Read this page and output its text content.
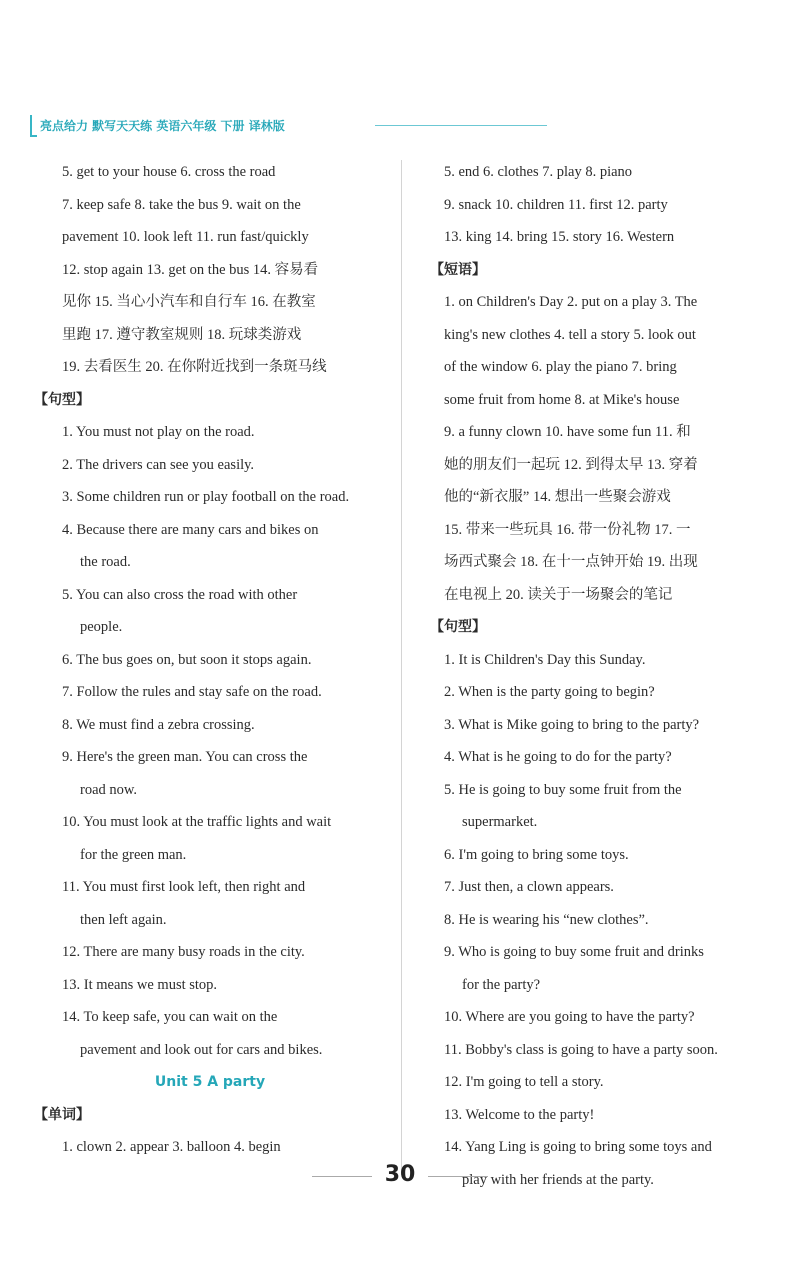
亮点给力 默写天天练 英语六年级 下册 译林版
5. get to your house 6. cross the road
7. keep safe 8. take the bus 9. wait on the
pavement 10. look left 11. run fast/quickly
12. stop again 13. get on the bus 14. 容易看
见你 15. 当心小汽车和自行车 16. 在教室
里跑 17. 遵守教室规则 18. 玩球类游戏
19. 去看医生 20. 在你附近找到一条斑马线
【句型】
1. You must not play on the road.
2. The drivers can see you easily.
3. Some children run or play football on the road.
4. Because there are many cars and bikes on
the road.
5. You can also cross the road with other
people.
6. The bus goes on, but soon it stops again.
7. Follow the rules and stay safe on the road.
8. We must find a zebra crossing.
9. Here's the green man. You can cross the
road now.
10. You must look at the traffic lights and wait
for the green man.
11. You must first look left, then right and
then left again.
12. There are many busy roads in the city.
13. It means we must stop.
14. To keep safe, you can wait on the
pavement and look out for cars and bikes.
Unit 5 A party
【单词】
1. clown 2. appear 3. balloon 4. begin
5. end 6. clothes 7. play 8. piano
9. snack 10. children 11. first 12. party
13. king 14. bring 15. story 16. Western
【短语】
1. on Children's Day 2. put on a play 3. The
king's new clothes 4. tell a story 5. look out
of the window 6. play the piano 7. bring
some fruit from home 8. at Mike's house
9. a funny clown 10. have some fun 11. 和
她的朋友们一起玩 12. 到得太早 13. 穿着
他的“新衣服” 14. 想出一些聚会游戏
15. 带来一些玩具 16. 带一份礼物 17. 一
场西式聚会 18. 在十一点钟开始 19. 出现
在电视上 20. 读关于一场聚会的笔记
【句型】
1. It is Children's Day this Sunday.
2. When is the party going to begin?
3. What is Mike going to bring to the party?
4. What is he going to do for the party?
5. He is going to buy some fruit from the
supermarket.
6. I'm going to bring some toys.
7. Just then, a clown appears.
8. He is wearing his “new clothes”.
9. Who is going to buy some fruit and drinks
for the party?
10. Where are you going to have the party?
11. Bobby's class is going to have a party soon.
12. I'm going to tell a story.
13. Welcome to the party!
14. Yang Ling is going to bring some toys and
play with her friends at the party.
30
